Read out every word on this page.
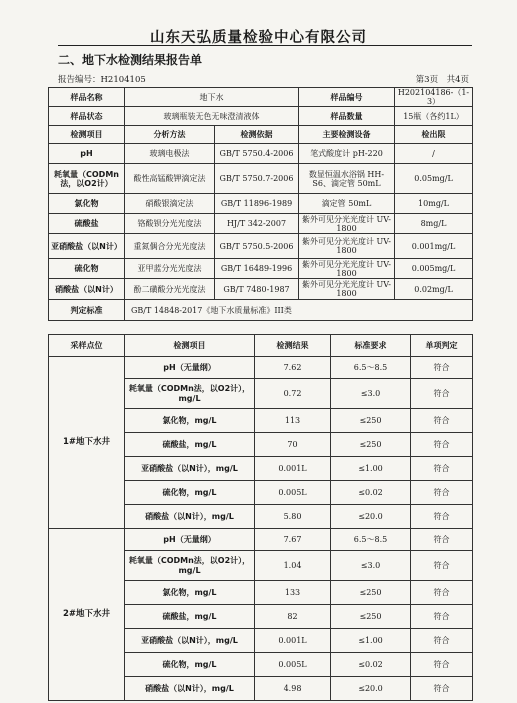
山东天弘质量检验中心有限公司
二、地下水检测结果报告单
报告编号：H2104105	第3页　共4页
样品名称	地下水		样品编号	H202104186-（1-3）
样品状态	玻璃瓶装无色无味澄清液体		样品数量	15瓶（各约1L）
检测项目	分析方法	检测依据	主要检测设备	检出限
pH	玻璃电极法	GB/T 5750.4-2006	笔式酸度计 pH-220	/
耗氧量（CODMn法，以O2计）	酸性高锰酸钾滴定法	GB/T 5750.7-2006	数显恒温水浴锅 HH-S6、滴定管 50mL	0.05mg/L
氯化物	硝酸银滴定法	GB/T 11896-1989	滴定管 50mL	10mg/L
硫酸盐	铬酸钡分光光度法	HJ/T 342-2007	紫外可见分光光度计 UV-1800	8mg/L
亚硝酸盐（以N计）	重氮偶合分光光度法	GB/T 5750.5-2006	紫外可见分光光度计 UV-1800	0.001mg/L
硫化物	亚甲蓝分光光度法	GB/T 16489-1996	紫外可见分光光度计 UV-1800	0.005mg/L
硝酸盐（以N计）	酚二磺酸分光光度法	GB/T 7480-1987	紫外可见分光光度计 UV-1800	0.02mg/L
判定标准	GB/T 14848-2017《地下水质量标准》III类			
采样点位	检测项目	检测结果	标准要求	单项判定
1#地下水井	pH（无量纲）	7.62	6.5～8.5	符合
	耗氧量（CODMn法，以O2计），mg/L	0.72	≤3.0	符合
	氯化物，mg/L	113	≤250	符合
	硫酸盐，mg/L	70	≤250	符合
	亚硝酸盐（以N计），mg/L	0.001L	≤1.00	符合
	硫化物，mg/L	0.005L	≤0.02	符合
	硝酸盐（以N计），mg/L	5.80	≤20.0	符合
2#地下水井	pH（无量纲）	7.67	6.5～8.5	符合
	耗氧量（CODMn法，以O2计），mg/L	1.04	≤3.0	符合
	氯化物，mg/L	133	≤250	符合
	硫酸盐，mg/L	82	≤250	符合
	亚硝酸盐（以N计），mg/L	0.001L	≤1.00	符合
	硫化物，mg/L	0.005L	≤0.02	符合
	硝酸盐（以N计），mg/L	4.98	≤20.0	符合
